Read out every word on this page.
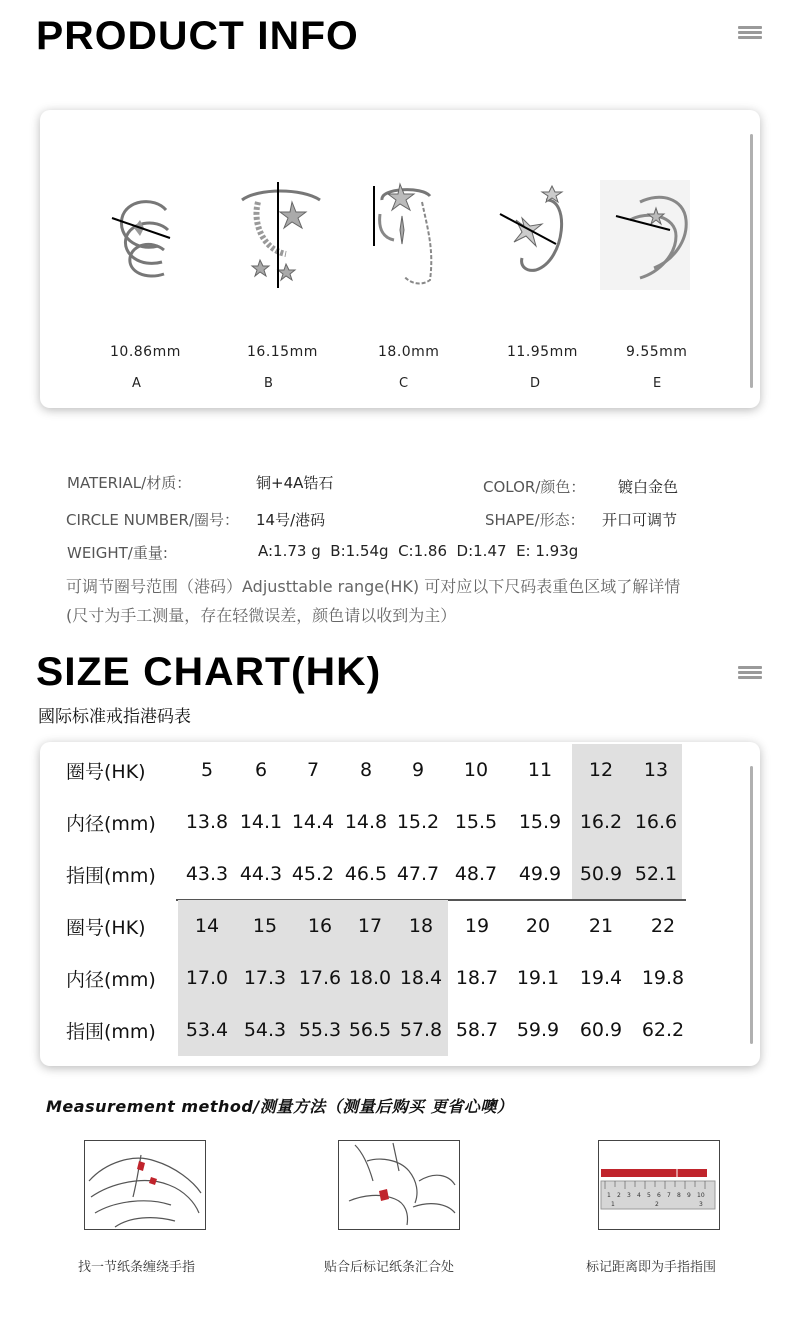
PRODUCT INFO
10.86mm	16.15mm	18.0mm	11.95mm	9.55mm
A	B	C	D	E
MATERIAL/材质：	铜+4A锆石	COLOR/颜色： 镀白金色
CIRCLE NUMBER/圈号： 14号/港码	SHAPE/形态： 开口可调节
WEIGHT/重量:	A:1.73 g  B:1.54g  C:1.86  D:1.47  E: 1.93g
可调节圈号范围（港码）Adjusttable range(HK) 可对应以下尺码表重色区域了解详情
(尺寸为手工测量，存在轻微误差，颜色请以收到为主）
SIZE CHART(HK)
國际标准戒指港码表
圈号(HK)	5	6	7	8	9	10	11	12	13
内径(mm)	13.8	14.1	14.4	14.8	15.2	15.5	15.9	16.2	16.6
指围(mm)	43.3	44.3	45.2	46.5	47.7	48.7	49.9	50.9	52.1
圈号(HK)	14	15	16	17	18	19	20	21	22
内径(mm)	17.0	17.3	17.6	18.0	18.4	18.7	19.1	19.4	19.8
指围(mm)	53.4	54.3	55.3	56.5	57.8	58.7	59.9	60.9	62.2
Measurement method/测量方法（测量后购买 更省心噢）
1 2 3 4 5 6 7 8 9 10
1	2	3
找一节纸条缠绕手指	贴合后标记纸条汇合处	标记距离即为手指指围
